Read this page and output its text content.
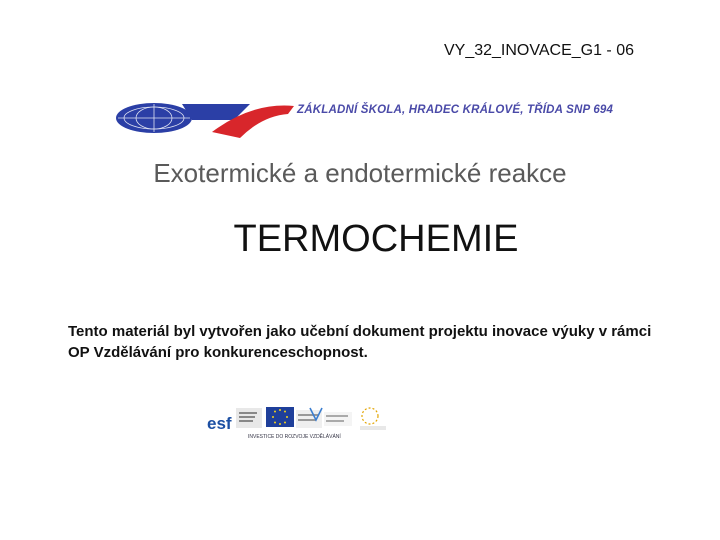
VY_32_INOVACE_G1 - 06
ZÁKLADNÍ ŠKOLA, HRADEC KRÁLOVÉ, TŘÍDA SNP 694
Exotermické a endotermické reakce
TERMOCHEMIE
Tento materiál byl vytvořen jako učební dokument projektu inovace výuky v rámci OP Vzdělávání pro konkurenceschopnost.
esf
INVESTICE DO ROZVOJE VZDĚLÁVÁNÍ
